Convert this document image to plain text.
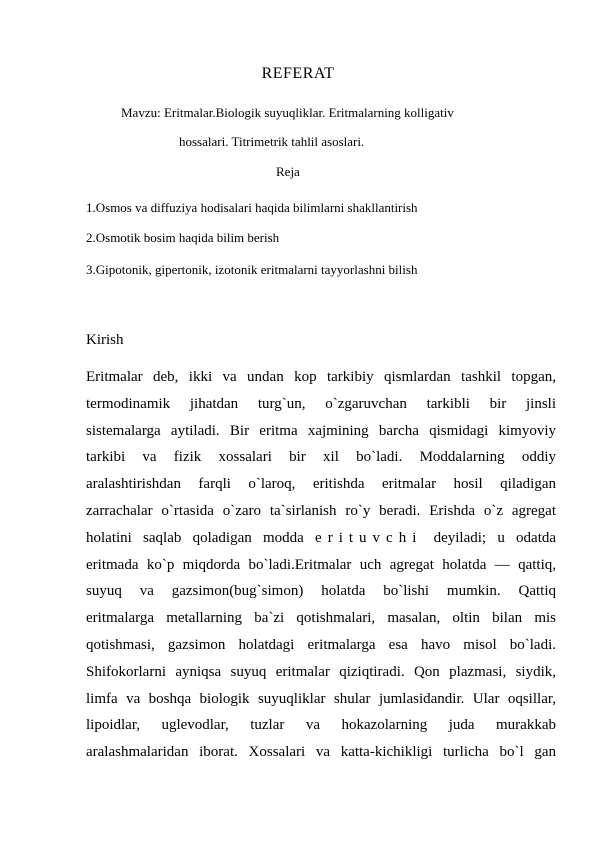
REFERAT
Mavzu: Eritmalar.Biologik suyuqliklar. Eritmalarning kolligativ
hossalari. Titrimetrik tahlil asoslari.
Reja
1.Osmos va diffuziya hodisalari haqida bilimlarni shakllantirish
2.Osmotik bosim haqida bilim berish
3.Gipotonik, gipertonik, izotonik eritmalarni tayyorlashni bilish
Kirish
Eritmalar deb, ikki va undan kop tarkibiy qismlardan tashkil topgan,
termodinamik jihatdan turg`un, o`zgaruvchan tarkibli bir jinsli
sistemalarga aytiladi. Bir eritma xajmining barcha qismidagi kimyoviy
tarkibi va fizik xossalari bir xil bo`ladi. Moddalarning oddiy
aralashtirishdan farqli o`laroq, eritishda eritmalar hosil qiladigan
zarrachalar o`rtasida o`zaro ta`sirlanish ro`y beradi. Erishda o`z agregat
holatini saqlab qoladigan modda erituvchi deyiladi; u odatda
eritmada ko`p miqdorda bo`ladi.Eritmalar uch agregat holatda — qattiq,
suyuq va gazsimon(bug`simon) holatda bo`lishi mumkin. Qattiq
eritmalarga metallarning ba`zi qotishmalari, masalan, oltin bilan mis
qotishmasi, gazsimon holatdagi eritmalarga esa havo misol bo`ladi.
Shifokorlarni ayniqsa suyuq eritmalar qiziqtiradi. Qon plazmasi, siydik,
limfa va boshqa biologik suyuqliklar shular jumlasidandir. Ular oqsillar,
lipoidlar, uglevodlar, tuzlar va hokazolarning juda murakkab
aralashmalaridan iborat. Xossalari va katta-kichikligi turlicha bo`l gan
